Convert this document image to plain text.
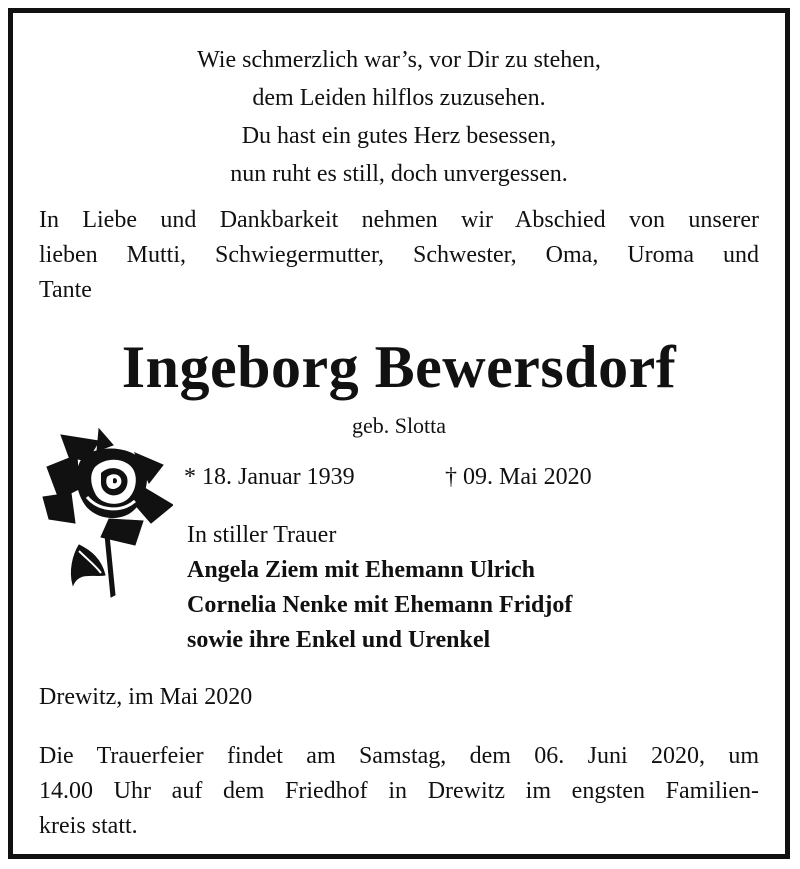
Wie schmerzlich war’s, vor Dir zu stehen,
dem Leiden hilflos zuzusehen.
Du hast ein gutes Herz besessen,
nun ruht es still, doch unvergessen.
In Liebe und Dankbarkeit nehmen wir Abschied von unserer
lieben Mutti, Schwiegermutter, Schwester, Oma, Uroma und
Tante
Ingeborg Bewersdorf
geb. Slotta
* 18. Januar 1939	† 09. Mai 2020
In stiller Trauer
Angela Ziem mit Ehemann Ulrich
Cornelia Nenke mit Ehemann Fridjof
sowie ihre Enkel und Urenkel
Drewitz, im Mai 2020
Die Trauerfeier findet am Samstag, dem 06. Juni 2020, um
14.00 Uhr auf dem Friedhof in Drewitz im engsten Familien-
kreis statt.
